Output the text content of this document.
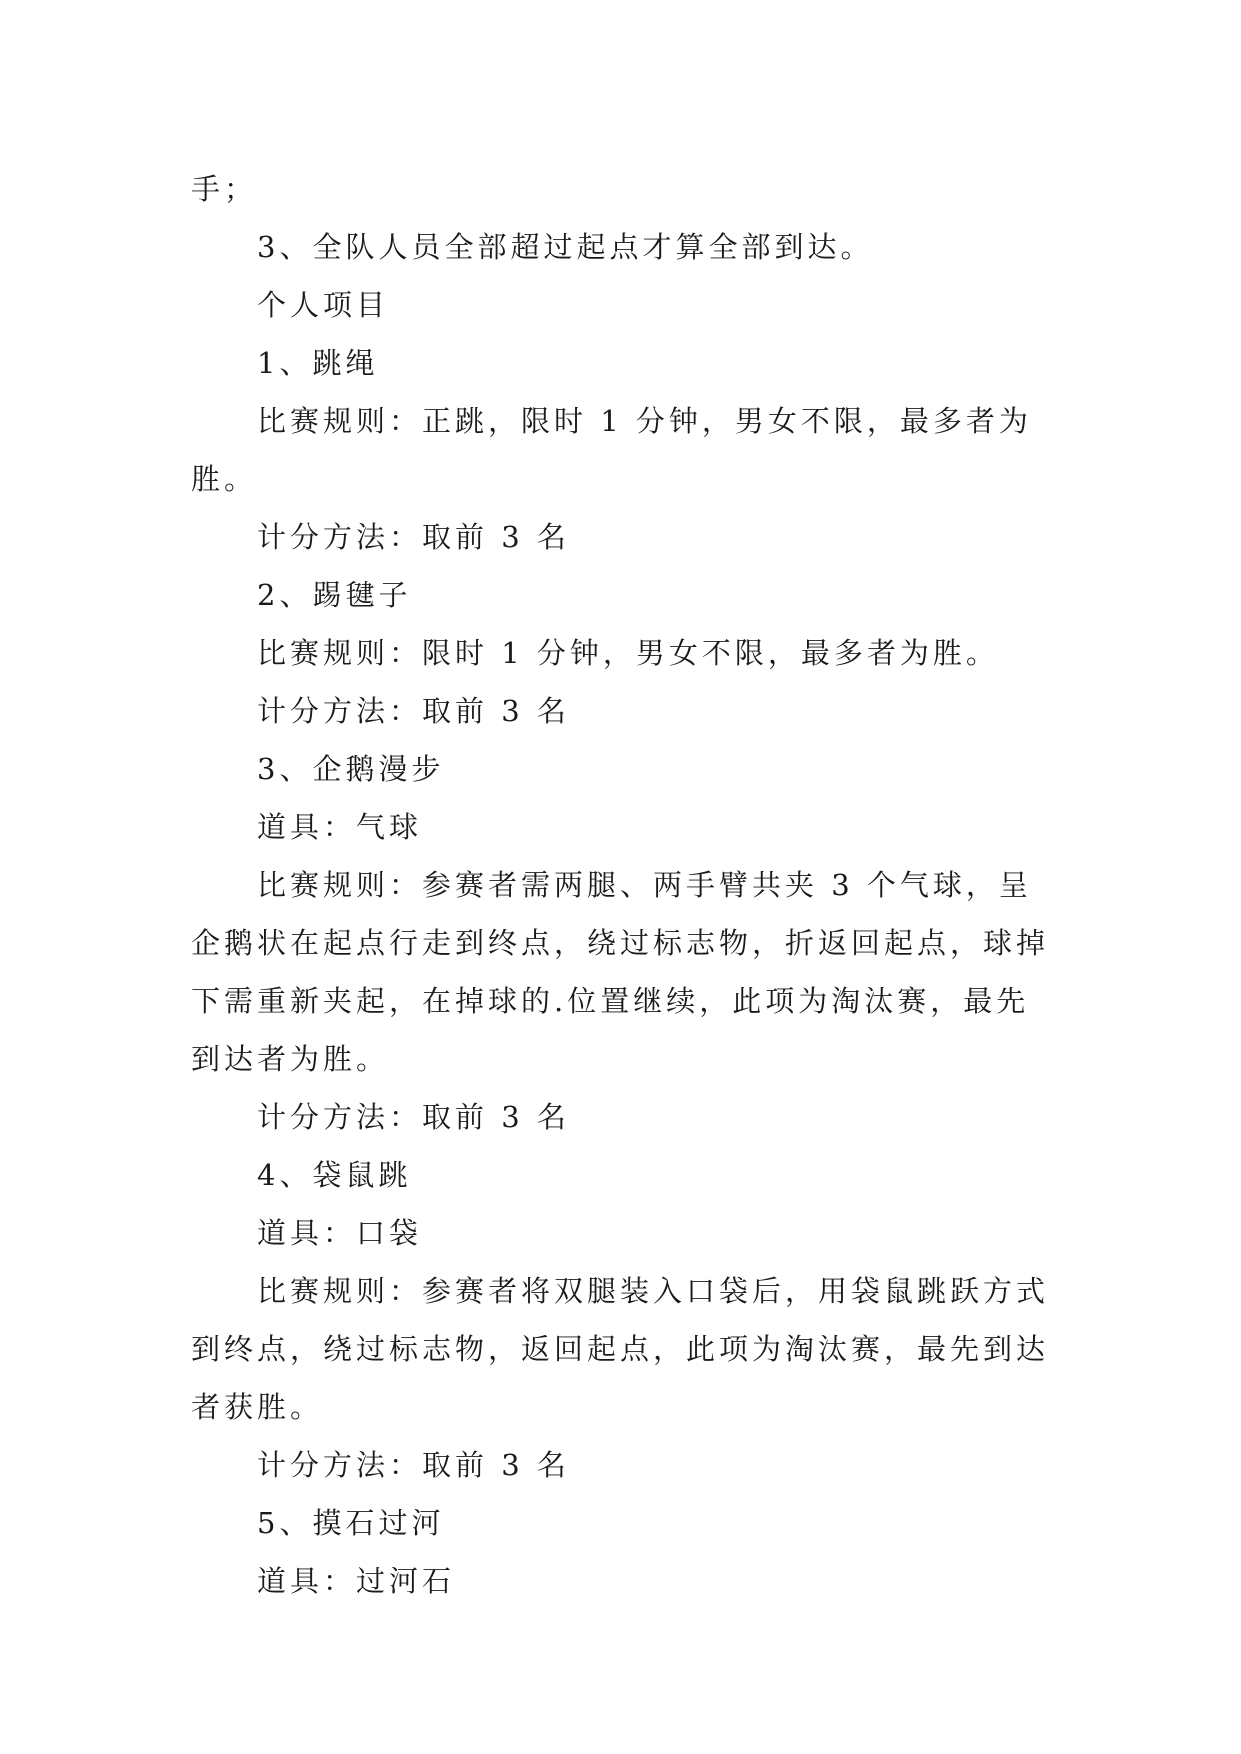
手；

3、全队人员全部超过起点才算全部到达。

个人项目

1、跳绳

比赛规则：正跳，限时 1 分钟，男女不限，最多者为胜。

计分方法：取前 3 名

2、踢毽子

比赛规则：限时 1 分钟，男女不限，最多者为胜。

计分方法：取前 3 名

3、企鹅漫步

道具：气球

比赛规则：参赛者需两腿、两手臂共夹 3 个气球，呈企鹅状在起点行走到终点，绕过标志物，折返回起点，球掉下需重新夹起，在掉球的.位置继续，此项为淘汰赛，最先到达者为胜。

计分方法：取前 3 名

4、袋鼠跳

道具：口袋

比赛规则：参赛者将双腿装入口袋后，用袋鼠跳跃方式到终点，绕过标志物，返回起点，此项为淘汰赛，最先到达者获胜。

计分方法：取前 3 名

5、摸石过河

道具：过河石
